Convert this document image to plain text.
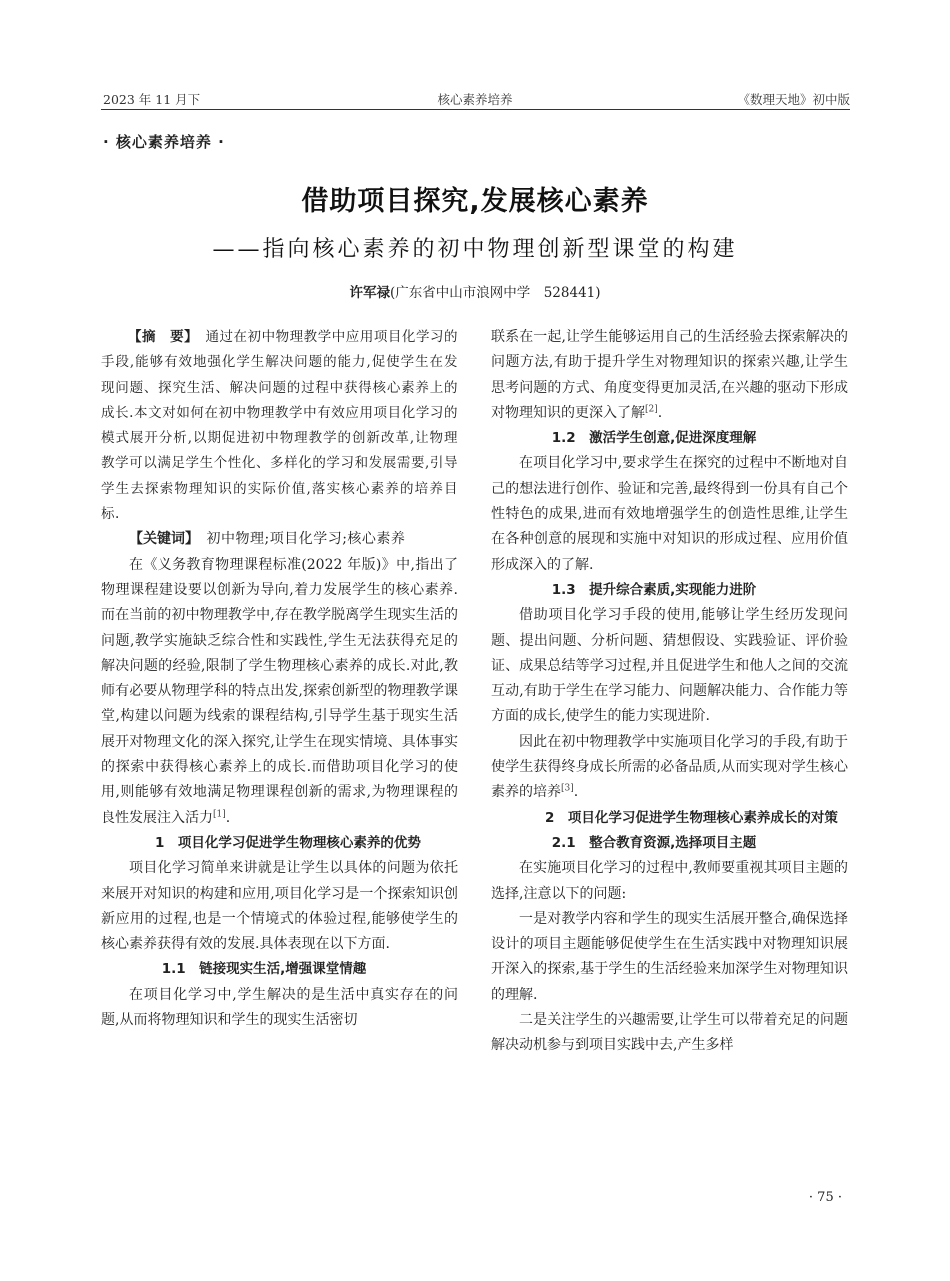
2023 年 11 月下	核心素养培养	《数理天地》初中版
· 核心素养培养 ·
借助项目探究,发展核心素养
——指向核心素养的初中物理创新型课堂的构建
许军禄(广东省中山市浪网中学　528441)

【摘　要】　通过在初中物理教学中应用项目化学习的手段,能够有效地强化学生解决问题的能力,促使学生在发现问题、探究生活、解决问题的过程中获得核心素养上的成长.本文对如何在初中物理教学中有效应用项目化学习的模式展开分析,以期促进初中物理教学的创新改革,让物理教学可以满足学生个性化、多样化的学习和发展需要,引导学生去探索物理知识的实际价值,落实核心素养的培养目标.

【关键词】　初中物理;项目化学习;核心素养

在《义务教育物理课程标准(2022 年版)》中,指出了物理课程建设要以创新为导向,着力发展学生的核心素养.而在当前的初中物理教学中,存在教学脱离学生现实生活的问题,教学实施缺乏综合性和实践性,学生无法获得充足的解决问题的经验,限制了学生物理核心素养的成长.对此,教师有必要从物理学科的特点出发,探索创新型的物理教学课堂,构建以问题为线索的课程结构,引导学生基于现实生活展开对物理文化的深入探究,让学生在现实情境、具体事实的探索中获得核心素养上的成长.而借助项目化学习的使用,则能够有效地满足物理课程创新的需求,为物理课程的良性发展注入活力[1].

1　项目化学习促进学生物理核心素养的优势

项目化学习简单来讲就是让学生以具体的问题为依托来展开对知识的构建和应用,项目化学习是一个探索知识创新应用的过程,也是一个情境式的体验过程,能够使学生的核心素养获得有效的发展.具体表现在以下方面.

1.1　链接现实生活,增强课堂情趣

在项目化学习中,学生解决的是生活中真实存在的问题,从而将物理知识和学生的现实生活密切

联系在一起,让学生能够运用自己的生活经验去探索解决的问题方法,有助于提升学生对物理知识的探索兴趣,让学生思考问题的方式、角度变得更加灵活,在兴趣的驱动下形成对物理知识的更深入了解[2].

1.2　激活学生创意,促进深度理解

在项目化学习中,要求学生在探究的过程中不断地对自己的想法进行创作、验证和完善,最终得到一份具有自己个性特色的成果,进而有效地增强学生的创造性思维,让学生在各种创意的展现和实施中对知识的形成过程、应用价值形成深入的了解.

1.3　提升综合素质,实现能力进阶

借助项目化学习手段的使用,能够让学生经历发现问题、提出问题、分析问题、猜想假设、实践验证、评价验证、成果总结等学习过程,并且促进学生和他人之间的交流互动,有助于学生在学习能力、问题解决能力、合作能力等方面的成长,使学生的能力实现进阶.

因此在初中物理教学中实施项目化学习的手段,有助于使学生获得终身成长所需的必备品质,从而实现对学生核心素养的培养[3].

2　项目化学习促进学生物理核心素养成长的对策

2.1　整合教育资源,选择项目主题

在实施项目化学习的过程中,教师要重视其项目主题的选择,注意以下的问题:

一是对教学内容和学生的现实生活展开整合,确保选择设计的项目主题能够促使学生在生活实践中对物理知识展开深入的探索,基于学生的生活经验来加深学生对物理知识的理解.

二是关注学生的兴趣需要,让学生可以带着充足的问题解决动机参与到项目实践中去,产生多样

· 75 ·
